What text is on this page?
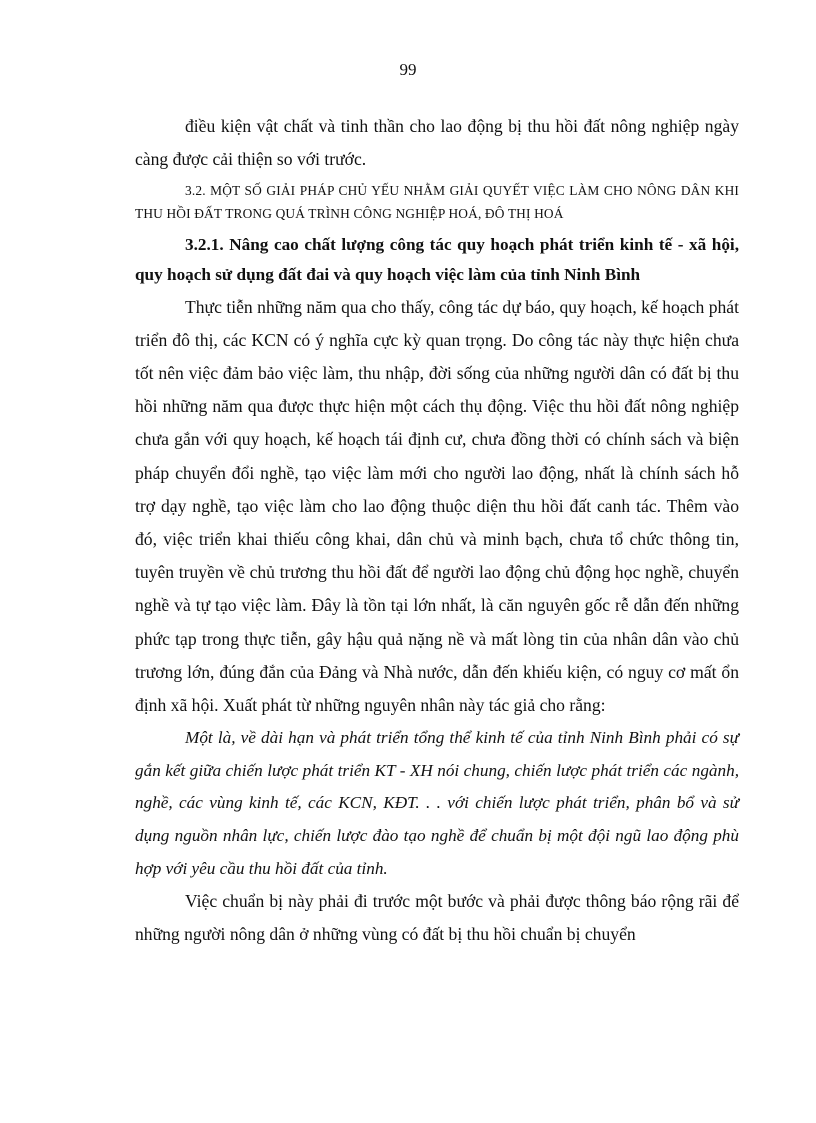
99

điều kiện vật chất và tinh thần cho lao động bị thu hồi đất nông nghiệp ngày càng được cải thiện so với trước.

3.2. MỘT SỐ GIẢI PHÁP CHỦ YẾU NHẰM GIẢI QUYẾT VIỆC LÀM CHO NÔNG DÂN KHI THU HỒI ĐẤT TRONG QUÁ TRÌNH CÔNG NGHIỆP HOÁ, ĐÔ THỊ HOÁ

3.2.1. Nâng cao chất lượng công tác quy hoạch phát triển kinh tế - xã hội, quy hoạch sử dụng đất đai và quy hoạch việc làm của tỉnh Ninh Bình

Thực tiễn những năm qua cho thấy, công tác dự báo, quy hoạch, kế hoạch phát triển đô thị, các KCN có ý nghĩa cực kỳ quan trọng. Do công tác này thực hiện chưa tốt nên việc đảm bảo việc làm, thu nhập, đời sống của những người dân có đất bị thu hồi những năm qua được thực hiện một cách thụ động. Việc thu hồi đất nông nghiệp chưa gắn với quy hoạch, kế hoạch tái định cư, chưa đồng thời có chính sách và biện pháp chuyển đổi nghề, tạo việc làm mới cho người lao động, nhất là chính sách hỗ trợ dạy nghề, tạo việc làm cho lao động thuộc diện thu hồi đất canh tác. Thêm vào đó, việc triển khai thiếu công khai, dân chủ và minh bạch, chưa tổ chức thông tin, tuyên truyền về chủ trương thu hồi đất để người lao động chủ động học nghề, chuyển nghề và tự tạo việc làm. Đây là tồn tại lớn nhất, là căn nguyên gốc rễ dẫn đến những phức tạp trong thực tiễn, gây hậu quả nặng nề và mất lòng tin của nhân dân vào chủ trương lớn, đúng đắn của Đảng và Nhà nước, dẫn đến khiếu kiện, có nguy cơ mất ổn định xã hội. Xuất phát từ những nguyên nhân này tác giả cho rằng:

Một là, về dài hạn và phát triển tổng thể kinh tế của tỉnh Ninh Bình phải có sự gắn kết giữa chiến lược phát triển KT - XH nói chung, chiến lược phát triển các ngành, nghề, các vùng kinh tế, các KCN, KĐT. . . với chiến lược phát triển, phân bổ và sử dụng nguồn nhân lực, chiến lược đào tạo nghề để chuẩn bị một đội ngũ lao động phù hợp với yêu cầu thu hồi đất của tỉnh.

Việc chuẩn bị này phải đi trước một bước và phải được thông báo rộng rãi để những người nông dân ở những vùng có đất bị thu hồi chuẩn bị chuyển
